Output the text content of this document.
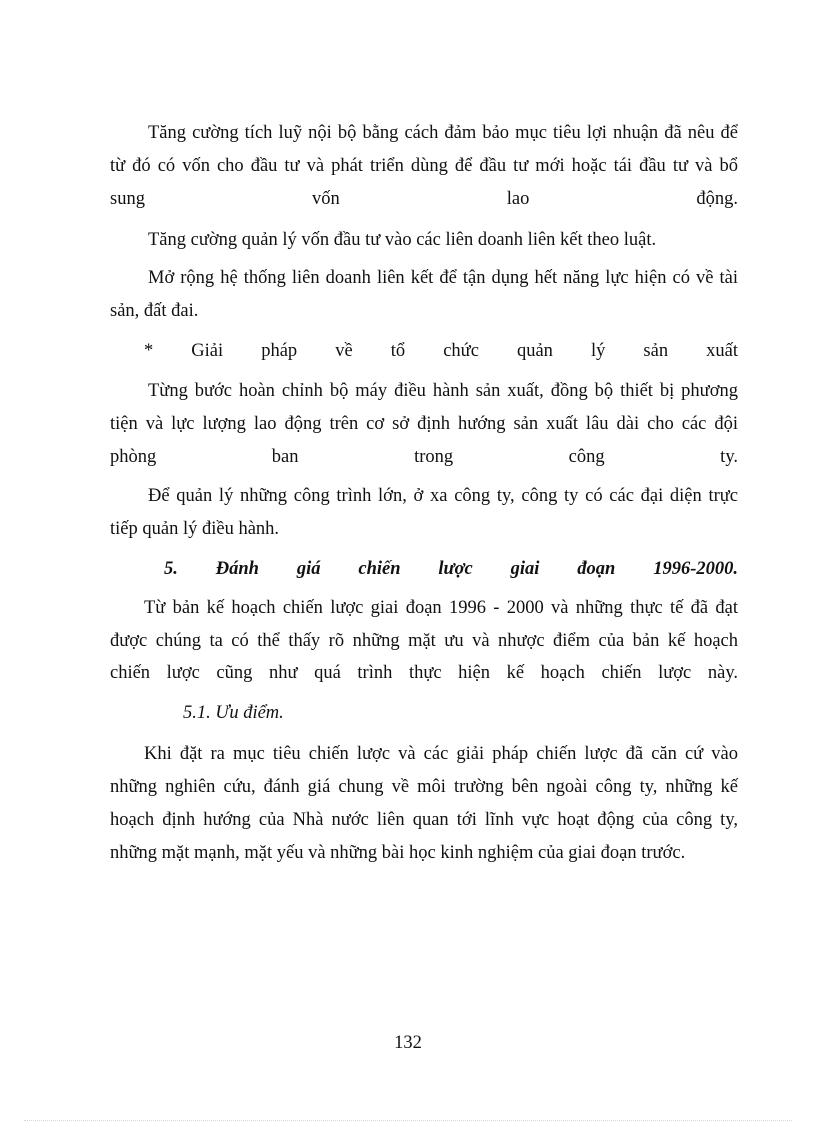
Tăng cường tích luỹ nội bộ bằng cách đảm bảo mục tiêu lợi nhuận đã nêu để
từ đó có vốn cho đầu tư và phát triển dùng để đầu tư mới hoặc tái đầu tư và bổ
sung vốn lao động.
Tăng cường quản lý vốn đầu tư vào các liên doanh liên kết theo luật.
Mở rộng hệ thống liên doanh liên kết để tận dụng hết năng lực hiện có về tài
sản, đất đai.
* Giải pháp về tổ chức quản lý sản xuất
Từng bước hoàn chỉnh bộ máy điều hành sản xuất, đồng bộ thiết bị phương
tiện và lực lượng lao động trên cơ sở định hướng sản xuất lâu dài cho các đội
phòng ban trong công ty.
Để quản lý những công trình lớn, ở xa công ty, công ty có các đại diện trực
tiếp quản lý điều hành.
5. Đánh giá chiến lược giai đoạn 1996-2000.
Từ bản kế hoạch chiến lược giai đoạn 1996 - 2000 và những thực tế đã đạt
được chúng ta có thể thấy rõ những mặt ưu và nhược điểm của bản kế hoạch
chiến lược cũng như quá trình thực hiện kế hoạch chiến lược này.
5.1. Ưu điểm.
Khi đặt ra mục tiêu chiến lược và các giải pháp chiến lược đã căn cứ vào
những nghiên cứu, đánh giá chung về môi trường bên ngoài công ty, những kế
hoạch định hướng của Nhà nước liên quan tới lĩnh vực hoạt động của công ty,
những mặt mạnh, mặt yếu và những bài học kinh nghiệm của giai đoạn trước.
132
